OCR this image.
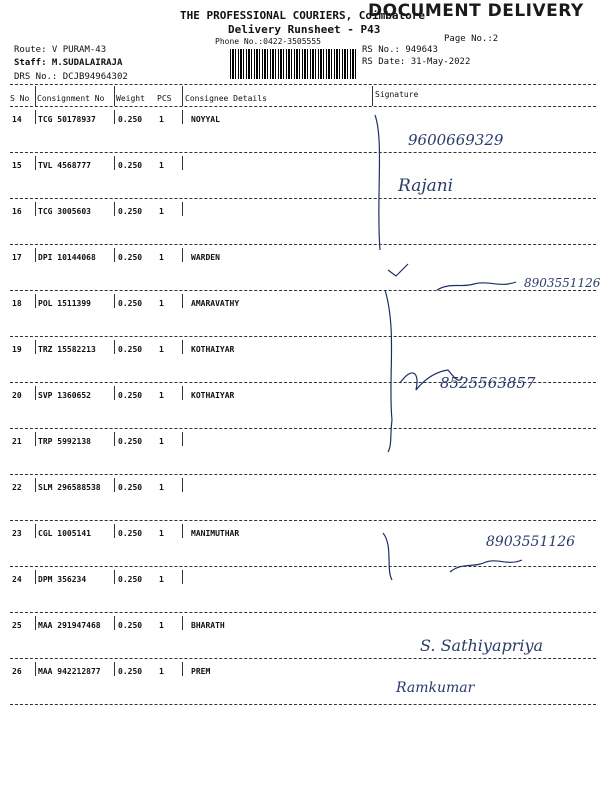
THE PROFESSIONAL COURIERS, Coimbatore
DOCUMENT DELIVERY
Delivery Runsheet - P43
Phone No.:0422-3505555	Page No.:2
RS No.: 949643
RS Date: 31-May-2022
Route: V PURAM-43
Staff: M.SUDALAIRAJA
DRS No.: DCJB94964302
S No Consignment No Weight PCS Consignee Details	Signature
14 TCG 50178937	0.250 1	NOYYAL
15 TVL 4568777	0.250 1
16 TCG 3005603	0.250 1
17 DPI 10144068	0.250 1	WARDEN
18 POL 1511399	0.250 1	AMARAVATHY
19 TRZ 15582213	0.250 1	KOTHAIYAR
20 SVP 1360652	0.250 1	KOTHAIYAR
21 TRP 5992138	0.250 1
22 SLM 296588538 0.250 1
23 CGL 1005141	0.250 1	MANIMUTHAR
24 DPM 356234	0.250 1
25 MAA 291947468 0.250 1	BHARATH
26 MAA 942212877 0.250 1	PREM
9600669329
Rajani
8903551126
8525563857
8903551126
S. Sathiyapriya
Ramkumar
